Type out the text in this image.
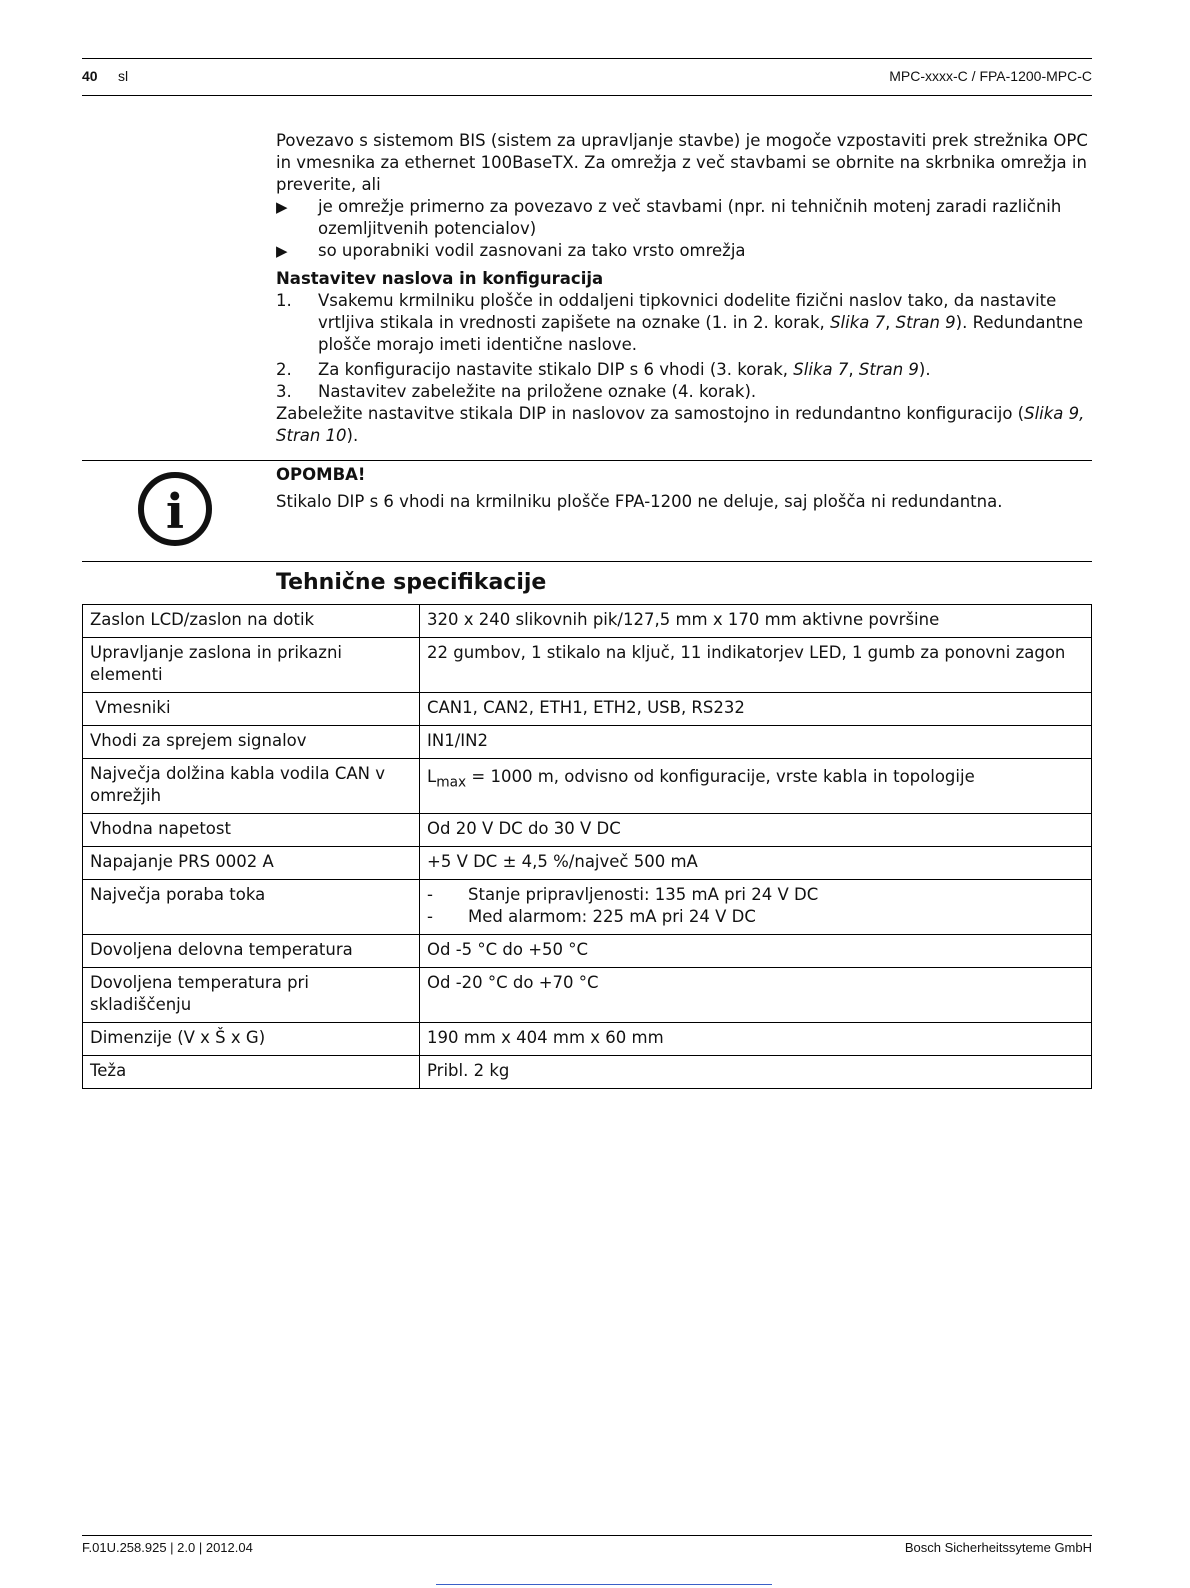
40 sl	MPC-xxxx-C / FPA-1200-MPC-C

Povezavo s sistemom BIS (sistem za upravljanje stavbe) je mogoče vzpostaviti prek strežnika OPC in vmesnika za ethernet 100BaseTX. Za omrežja z več stavbami se obrnite na skrbnika omrežja in preverite, ali

▶ je omrežje primerno za povezavo z več stavbami (npr. ni tehničnih motenj zaradi različnih ozemljitvenih potencialov)
▶ so uporabniki vodil zasnovani za tako vrsto omrežja

Nastavitev naslova in konfiguracija

1. Vsakemu krmilniku plošče in oddaljeni tipkovnici dodelite fizični naslov tako, da nastavite vrtljiva stikala in vrednosti zapišete na oznake (1. in 2. korak, Slika 7, Stran 9). Redundantne plošče morajo imeti identične naslove.
2. Za konfiguracijo nastavite stikalo DIP s 6 vhodi (3. korak, Slika 7, Stran 9).
3. Nastavitev zabeležite na priložene oznake (4. korak).

Zabeležite nastavitve stikala DIP in naslovov za samostojno in redundantno konfiguracijo (Slika 9, Stran 10).

i
OPOMBA!
Stikalo DIP s 6 vhodi na krmilniku plošče FPA-1200 ne deluje, saj plošča ni redundantna.
Tehnične specifikacije
Zaslon LCD/zaslon na dotik	320 x 240 slikovnih pik/127,5 mm x 170 mm aktivne površine
Upravljanje zaslona in prikazni elementi	22 gumbov, 1 stikalo na ključ, 11 indikatorjev LED, 1 gumb za ponovni zagon
Vmesniki	CAN1, CAN2, ETH1, ETH2, USB, RS232
Vhodi za sprejem signalov	IN1/IN2
Največja dolžina kabla vodila CAN v omrežjih	$L_{max} = 1000$ m, odvisno od konfiguracije, vrste kabla in topologije
Vhodna napetost	Od 20 V DC do 30 V DC
Napajanje PRS 0002 A	+5 V DC ± 4,5 %/največ 500 mA
Največja poraba toka	- Stanje pripravljenosti: 135 mA pri 24 V DC
- Med alarmom: 225 mA pri 24 V DC

Dovoljena delovna temperatura	Od -5 °C do +50 °C
Dovoljena temperatura pri skladiščenju	Od -20 °C do +70 °C
Dimenzije (V x Š x G)	190 mm x 404 mm x 60 mm
Teža	Pribl. 2 kg
F.01U.258.925 | 2.0 | 2012.04	Bosch Sicherheitssyteme GmbH
